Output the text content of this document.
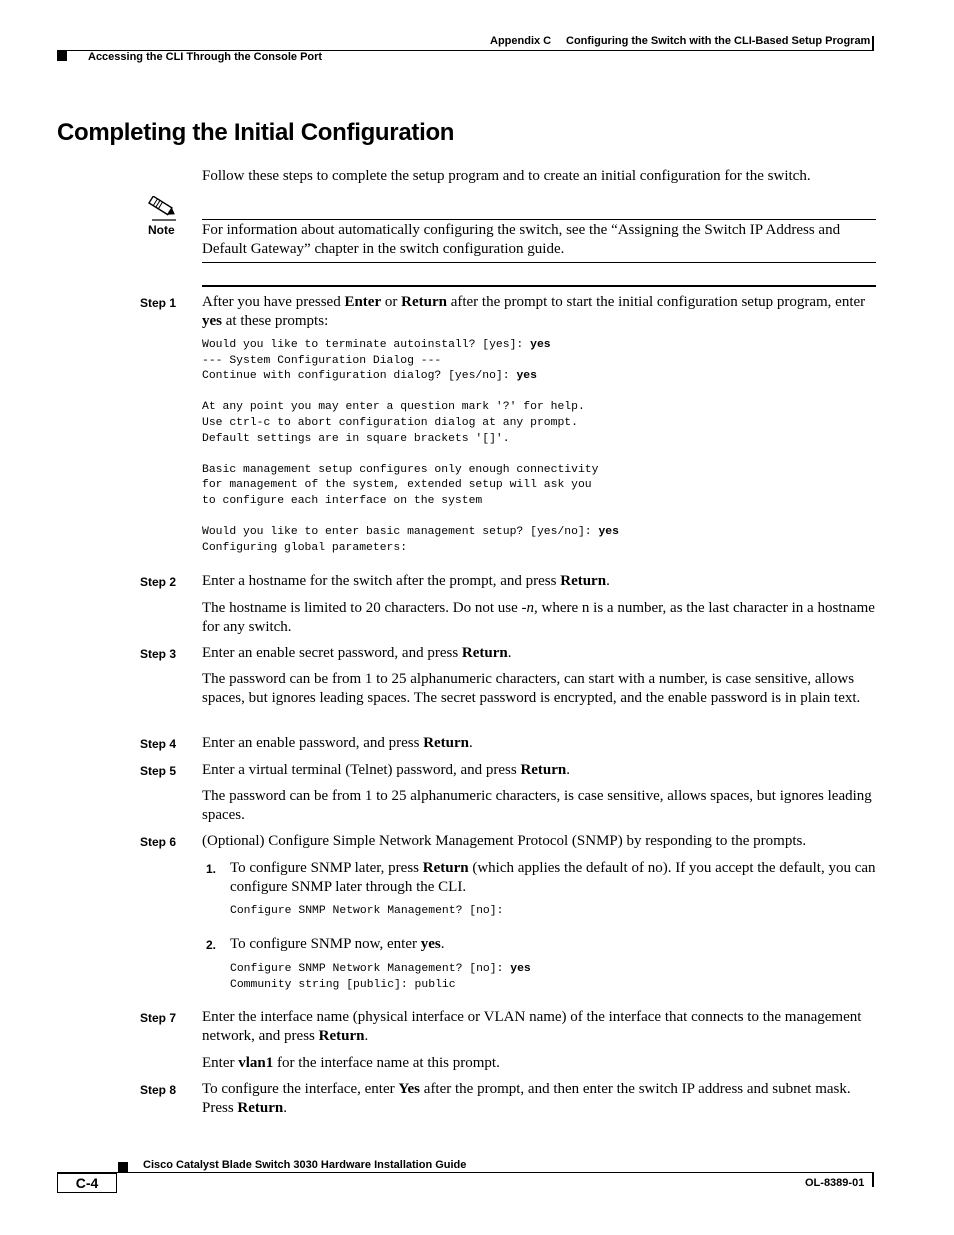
Appendix C Configuring the Switch with the CLI-Based Setup Program
Accessing the CLI Through the Console Port
Completing the Initial Configuration
Follow these steps to complete the setup program and to create an initial configuration for the switch.
Note For information about automatically configuring the switch, see the “Assigning the Switch IP Address and Default Gateway” chapter in the switch configuration guide.
Step 1 After you have pressed Enter or Return after the prompt to start the initial configuration setup program, enter yes at these prompts:

Would you like to terminate autoinstall? [yes]: yes
--- System Configuration Dialog ---
Continue with configuration dialog? [yes/no]: yes

At any point you may enter a question mark '?' for help.
Use ctrl-c to abort configuration dialog at any prompt.
Default settings are in square brackets '[]'.

Basic management setup configures only enough connectivity
for management of the system, extended setup will ask you
to configure each interface on the system

Would you like to enter basic management setup? [yes/no]: yes
Configuring global parameters:
Step 2 Enter a hostname for the switch after the prompt, and press Return.

The hostname is limited to 20 characters. Do not use -n, where n is a number, as the last character in a hostname for any switch.

Step 3 Enter an enable secret password, and press Return.

The password can be from 1 to 25 alphanumeric characters, can start with a number, is case sensitive, allows spaces, but ignores leading spaces. The secret password is encrypted, and the enable password is in plain text.

Step 4 Enter an enable password, and press Return.

Step 5 Enter a virtual terminal (Telnet) password, and press Return.

The password can be from 1 to 25 alphanumeric characters, is case sensitive, allows spaces, but ignores leading spaces.

Step 6 (Optional) Configure Simple Network Management Protocol (SNMP) by responding to the prompts.

1. To configure SNMP later, press Return (which applies the default of no). If you accept the default, you can configure SNMP later through the CLI.

Configure SNMP Network Management? [no]:
2. To configure SNMP now, enter yes.

Configure SNMP Network Management? [no]: yes
Community string [public]: public
Step 7 Enter the interface name (physical interface or VLAN name) of the interface that connects to the management network, and press Return.

Enter vlan1 for the interface name at this prompt.

Step 8 To configure the interface, enter Yes after the prompt, and then enter the switch IP address and subnet mask. Press Return.

Cisco Catalyst Blade Switch 3030 Hardware Installation Guide
C-4	OL-8389-01
